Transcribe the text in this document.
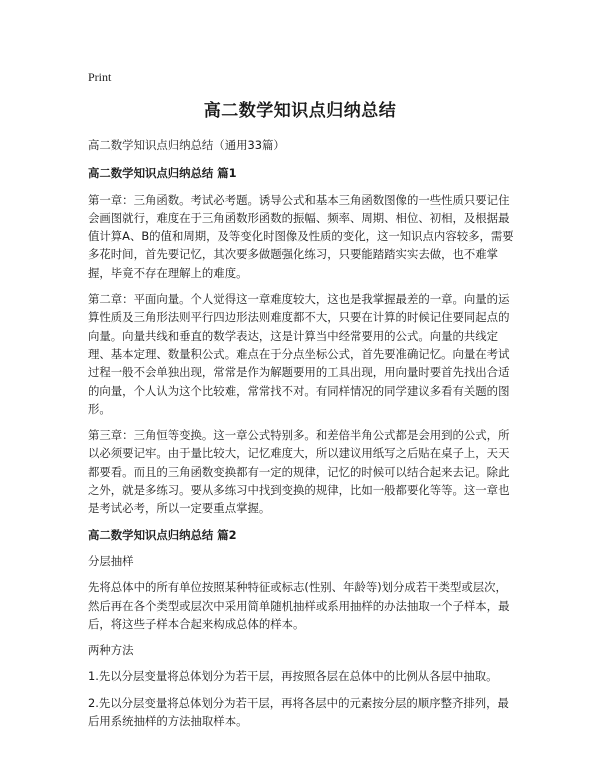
Print
高二数学知识点归纳总结

高二数学知识点归纳总结（通用33篇）

高二数学知识点归纳总结 篇1

第一章：三角函数。考试必考题。诱导公式和基本三角函数图像的一些性质只要记住会画图就行，难度在于三角函数形函数的振幅、频率、周期、相位、初相，及根据最值计算A、B的值和周期，及等变化时图像及性质的变化，这一知识点内容较多，需要多花时间，首先要记忆，其次要多做题强化练习，只要能踏踏实实去做，也不难掌握，毕竟不存在理解上的难度。

第二章：平面向量。个人觉得这一章难度较大，这也是我掌握最差的一章。向量的运算性质及三角形法则平行四边形法则难度都不大，只要在计算的时候记住要同起点的向量。向量共线和垂直的数学表达，这是计算当中经常要用的公式。向量的共线定理、基本定理、数量积公式。难点在于分点坐标公式，首先要准确记忆。向量在考试过程一般不会单独出现，常常是作为解题要用的工具出现，用向量时要首先找出合适的向量，个人认为这个比较难，常常找不对。有同样情况的同学建议多看有关题的图形。

第三章：三角恒等变换。这一章公式特别多。和差倍半角公式都是会用到的公式，所以必须要记牢。由于量比较大，记忆难度大，所以建议用纸写之后贴在桌子上，天天都要看。而且的三角函数变换都有一定的规律，记忆的时候可以结合起来去记。除此之外，就是多练习。要从多练习中找到变换的规律，比如一般都要化等等。这一章也是考试必考，所以一定要重点掌握。

高二数学知识点归纳总结 篇2

分层抽样

先将总体中的所有单位按照某种特征或标志(性别、年龄等)划分成若干类型或层次，然后再在各个类型或层次中采用简单随机抽样或系用抽样的办法抽取一个子样本，最后，将这些子样本合起来构成总体的样本。

两种方法

1.先以分层变量将总体划分为若干层，再按照各层在总体中的比例从各层中抽取。

2.先以分层变量将总体划分为若干层，再将各层中的元素按分层的顺序整齐排列，最后用系统抽样的方法抽取样本。
